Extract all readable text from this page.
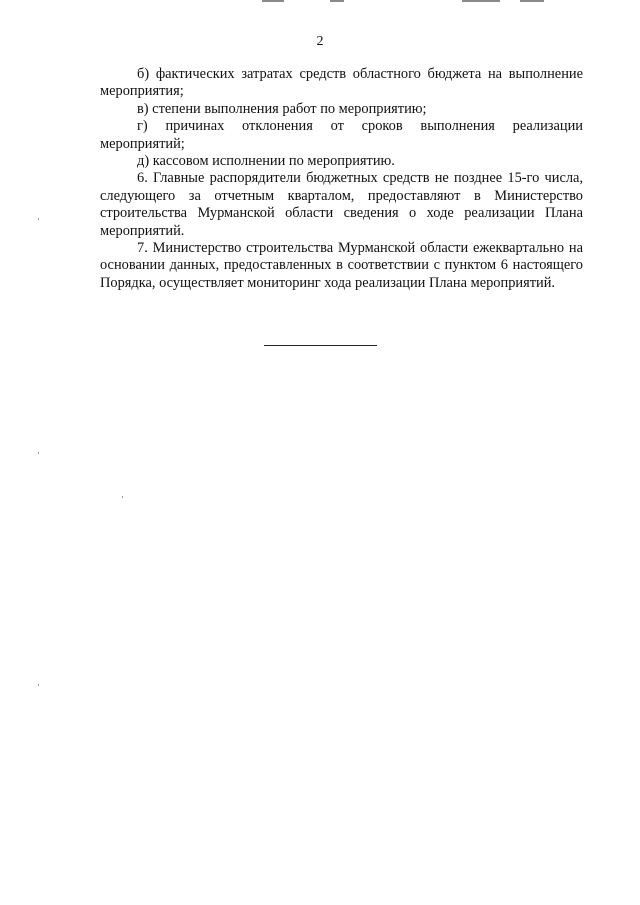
2

б) фактических затратах средств областного бюджета на выполнение мероприятия;

в) степени выполнения работ по мероприятию;

г) причинах отклонения от сроков выполнения реализации мероприятий;

д) кассовом исполнении по мероприятию.

6. Главные распорядители бюджетных средств не позднее 15-го числа, следующего за отчетным кварталом, предоставляют в Министерство строительства Мурманской области сведения о ходе реализации Плана мероприятий.

7. Министерство строительства Мурманской области ежеквартально на основании данных, предоставленных в соответствии с пунктом 6 настоящего Порядка, осуществляет мониторинг хода реализации Плана мероприятий.
